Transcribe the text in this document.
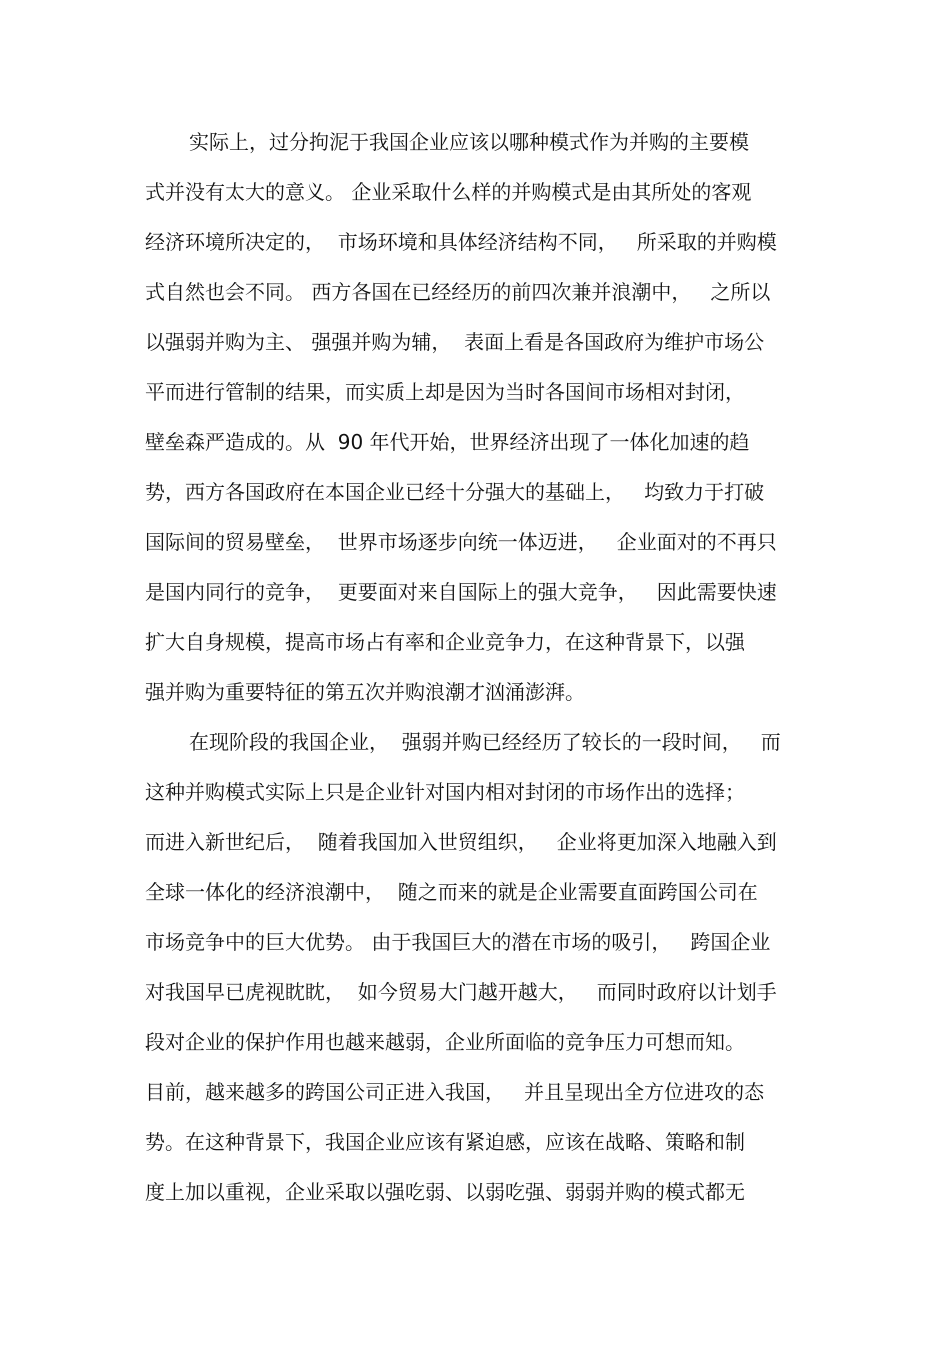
实际上，过分拘泥于我国企业应该以哪种模式作为并购的主要模
式并没有太大的意义。 企业采取什么样的并购模式是由其所处的客观
经济环境所决定的，  市场环境和具体经济结构不同，   所采取的并购模
式自然也会不同。 西方各国在已经经历的前四次兼并浪潮中，   之所以
以强弱并购为主、 强强并购为辅，  表面上看是各国政府为维护市场公
平而进行管制的结果，而实质上却是因为当时各国间市场相对封闭，
壁垒森严造成的。从  90 年代开始，世界经济出现了一体化加速的趋
势，西方各国政府在本国企业已经十分强大的基础上，   均致力于打破
国际间的贸易壁垒，  世界市场逐步向统一体迈进，   企业面对的不再只
是国内同行的竞争，  更要面对来自国际上的强大竞争，   因此需要快速
扩大自身规模，提高市场占有率和企业竞争力，在这种背景下，以强
强并购为重要特征的第五次并购浪潮才汹涌澎湃。
在现阶段的我国企业，  强弱并购已经经历了较长的一段时间，   而
这种并购模式实际上只是企业针对国内相对封闭的市场作出的选择；
而进入新世纪后，  随着我国加入世贸组织，   企业将更加深入地融入到
全球一体化的经济浪潮中，  随之而来的就是企业需要直面跨国公司在
市场竞争中的巨大优势。 由于我国巨大的潜在市场的吸引，   跨国企业
对我国早已虎视眈眈，  如今贸易大门越开越大，   而同时政府以计划手
段对企业的保护作用也越来越弱，企业所面临的竞争压力可想而知。
目前，越来越多的跨国公司正进入我国，   并且呈现出全方位进攻的态
势。在这种背景下，我国企业应该有紧迫感，应该在战略、策略和制
度上加以重视，企业采取以强吃弱、以弱吃强、弱弱并购的模式都无
